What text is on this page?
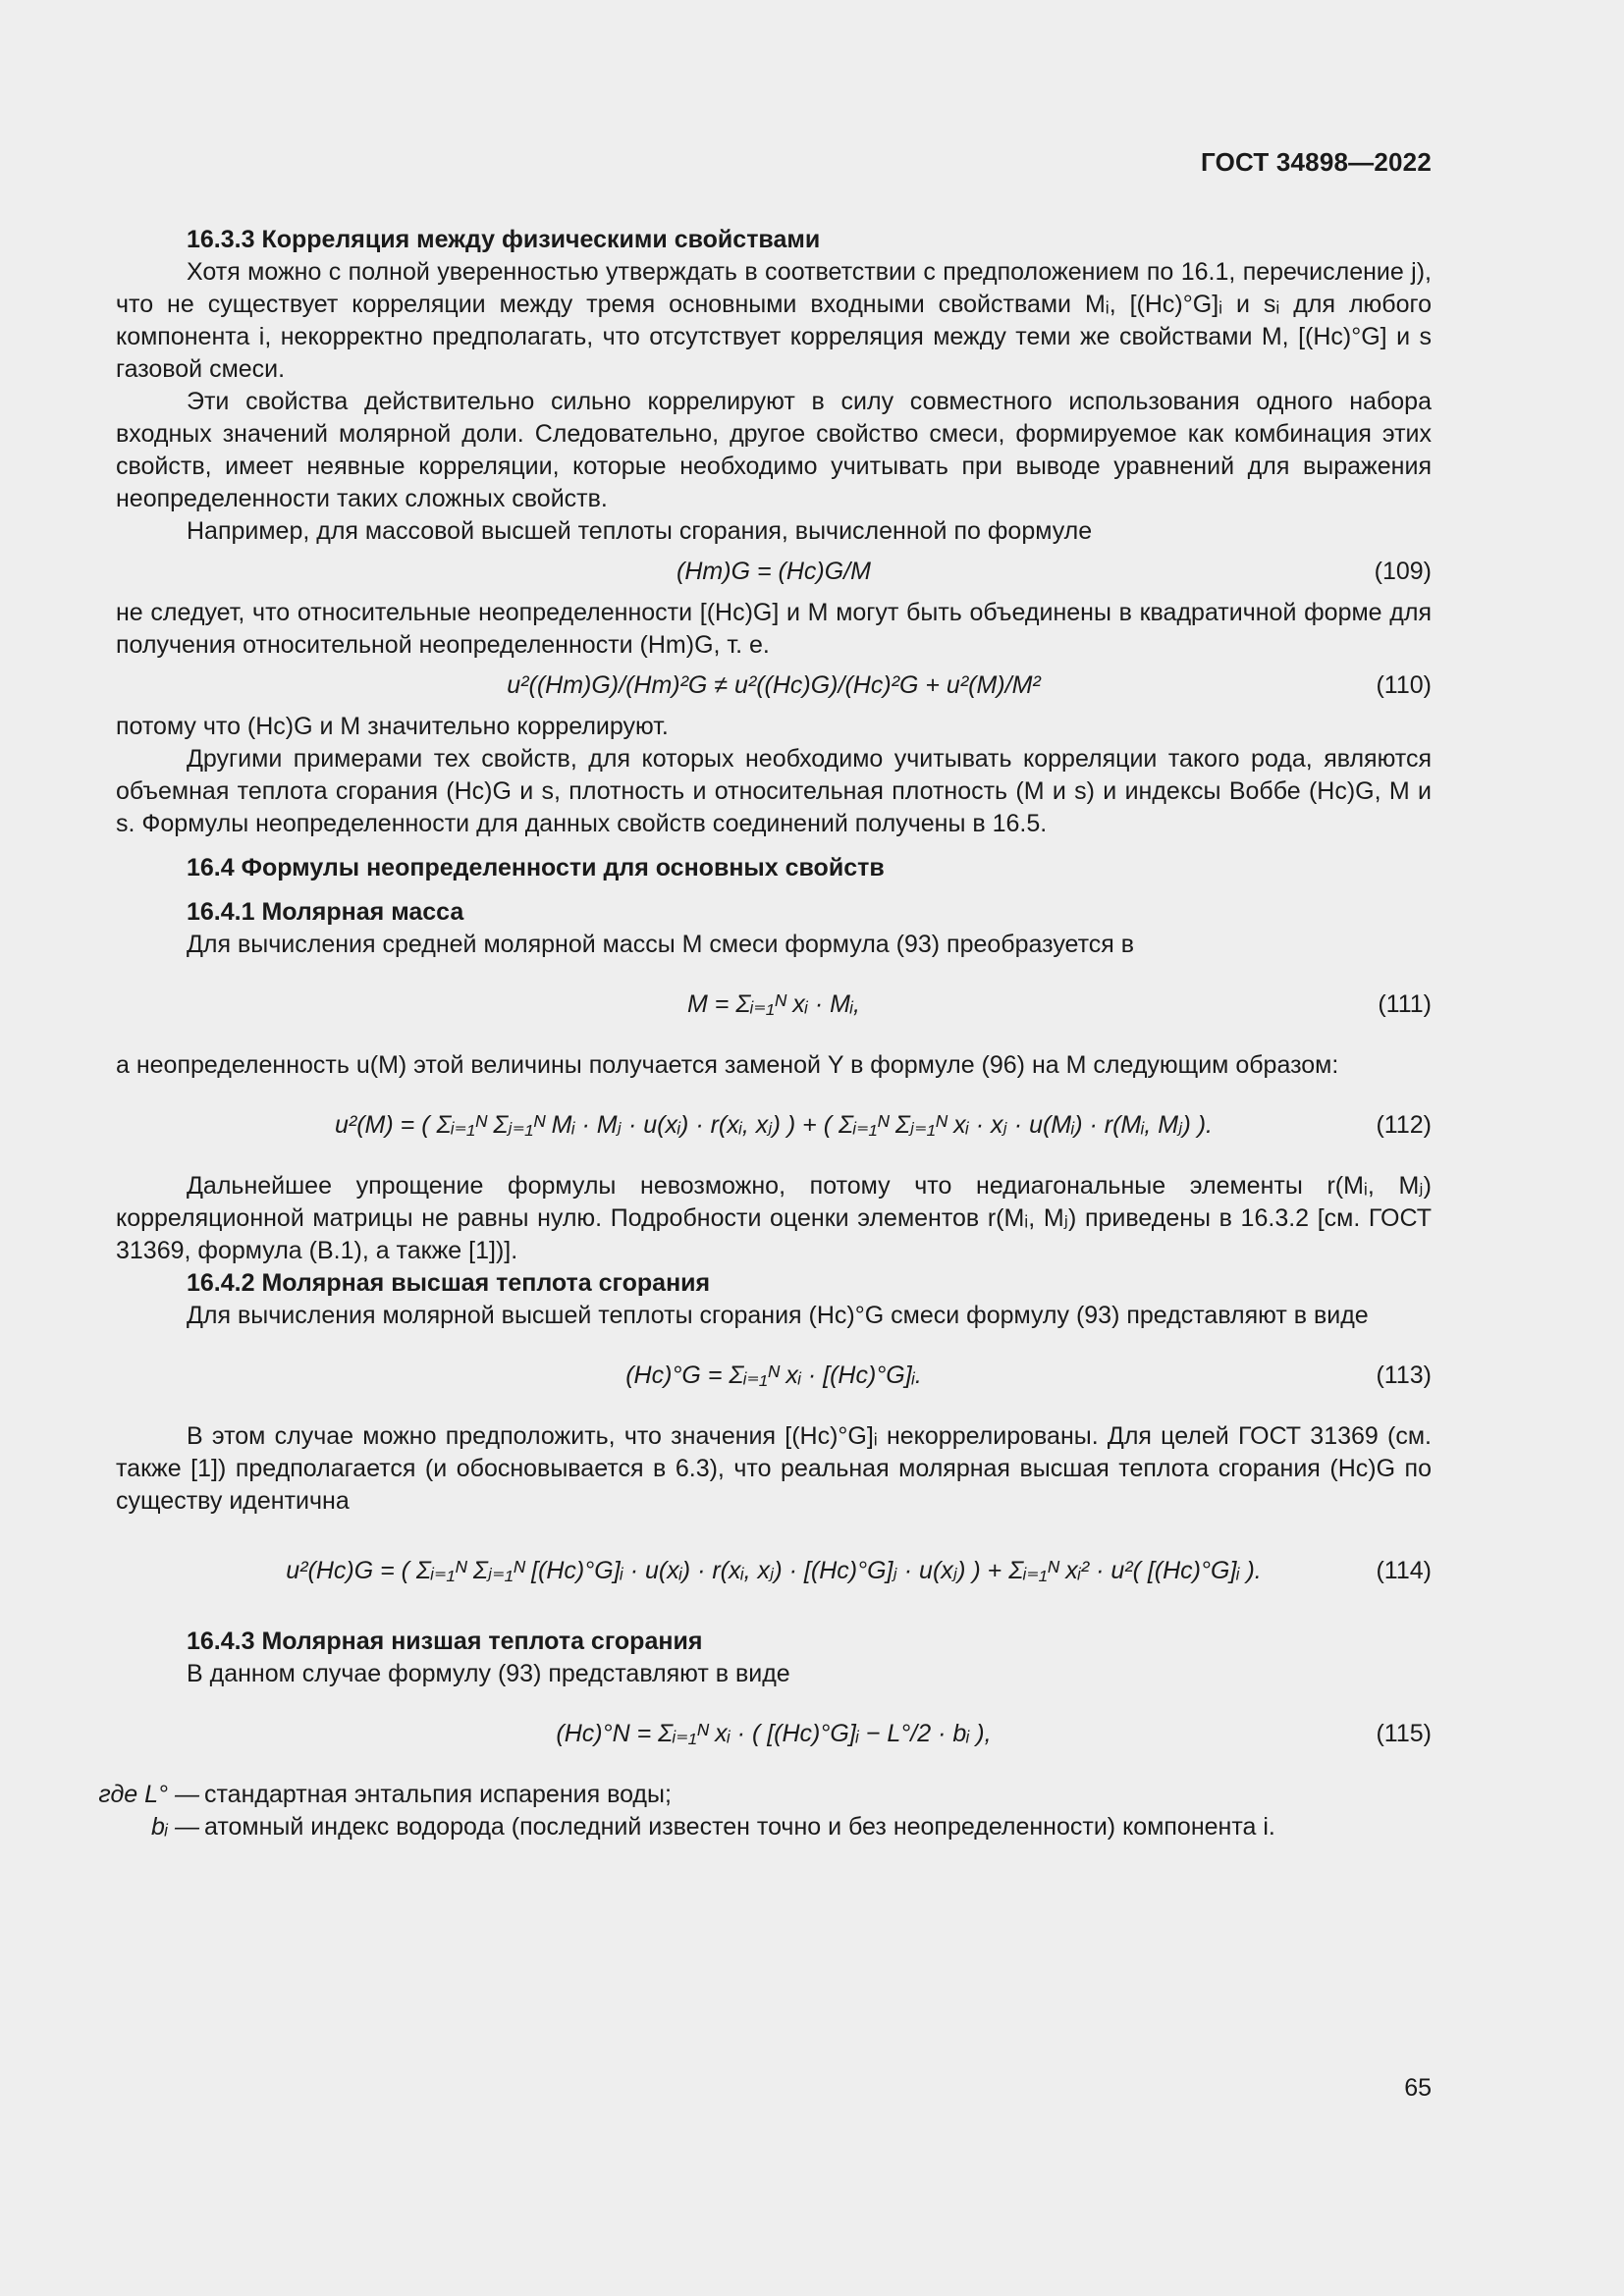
ГОСТ 34898—2022

16.3.3 Корреляция между физическими свойствами

Хотя можно с полной уверенностью утверждать в соответствии с предположением по 16.1, перечисление j), что не существует корреляции между тремя основными входными свойствами Mᵢ, [(Hc)°G]ᵢ и sᵢ для любого компонента i, некорректно предполагать, что отсутствует корреляция между теми же свойствами M, [(Hc)°G] и s газовой смеси.

Эти свойства действительно сильно коррелируют в силу совместного использования одного набора входных значений молярной доли. Следовательно, другое свойство смеси, формируемое как комбинация этих свойств, имеет неявные корреляции, которые необходимо учитывать при выводе уравнений для выражения неопределенности таких сложных свойств.

Например, для массовой высшей теплоты сгорания, вычисленной по формуле

(Hm)G = (Hc)G/M	(109)

не следует, что относительные неопределенности [(Hc)G] и M могут быть объединены в квадратичной форме для получения относительной неопределенности (Hm)G, т. е.

u²((Hm)G)/(Hm)²G ≠ u²((Hc)G)/(Hc)²G + u²(M)/M²	(110)

потому что (Hc)G и M значительно коррелируют.

Другими примерами тех свойств, для которых необходимо учитывать корреляции такого рода, являются объемная теплота сгорания (Hc)G и s, плотность и относительная плотность (M и s) и индексы Воббе (Hc)G, M и s. Формулы неопределенности для данных свойств соединений получены в 16.5.

16.4 Формулы неопределенности для основных свойств

16.4.1 Молярная масса

Для вычисления средней молярной массы M смеси формула (93) преобразуется в

M = Σᵢ₌₁ᴺ xᵢ · Mᵢ,	(111)

а неопределенность u(M) этой величины получается заменой Y в формуле (96) на M следующим образом:

u²(M) = ( Σᵢ₌₁ᴺ Σⱼ₌₁ᴺ Mᵢ · Mⱼ · u(xᵢ) · r(xᵢ, xⱼ) ) + ( Σᵢ₌₁ᴺ Σⱼ₌₁ᴺ xᵢ · xⱼ · u(Mᵢ) · r(Mᵢ, Mⱼ) ).	(112)

Дальнейшее упрощение формулы невозможно, потому что недиагональные элементы r(Mᵢ, Mⱼ) корреляционной матрицы не равны нулю. Подробности оценки элементов r(Mᵢ, Mⱼ) приведены в 16.3.2 [см. ГОСТ 31369, формула (В.1), а также [1])].

16.4.2 Молярная высшая теплота сгорания

Для вычисления молярной высшей теплоты сгорания (Hc)°G смеси формулу (93) представляют в виде

(Hc)°G = Σᵢ₌₁ᴺ xᵢ · [(Hc)°G]ᵢ.	(113)

В этом случае можно предположить, что значения [(Hc)°G]ᵢ некоррелированы. Для целей ГОСТ 31369 (см. также [1]) предполагается (и обосновывается в 6.3), что реальная молярная высшая теплота сгорания (Hc)G по существу идентична

u²(Hc)G = ( Σᵢ₌₁ᴺ Σⱼ₌₁ᴺ [(Hc)°G]ᵢ · u(xᵢ) · r(xᵢ, xⱼ) · [(Hc)°G]ⱼ · u(xⱼ) ) + Σᵢ₌₁ᴺ xᵢ² · u²( [(Hc)°G]ᵢ ).	(114)

16.4.3 Молярная низшая теплота сгорания

В данном случае формулу (93) представляют в виде

(Hc)°N = Σᵢ₌₁ᴺ xᵢ · ( [(Hc)°G]ᵢ − L°/2 · bᵢ ),	(115)
где L° — стандартная энтальпия испарения воды;
bᵢ — атомный индекс водорода (последний известен точно и без неопределенности) компонента i.
65
